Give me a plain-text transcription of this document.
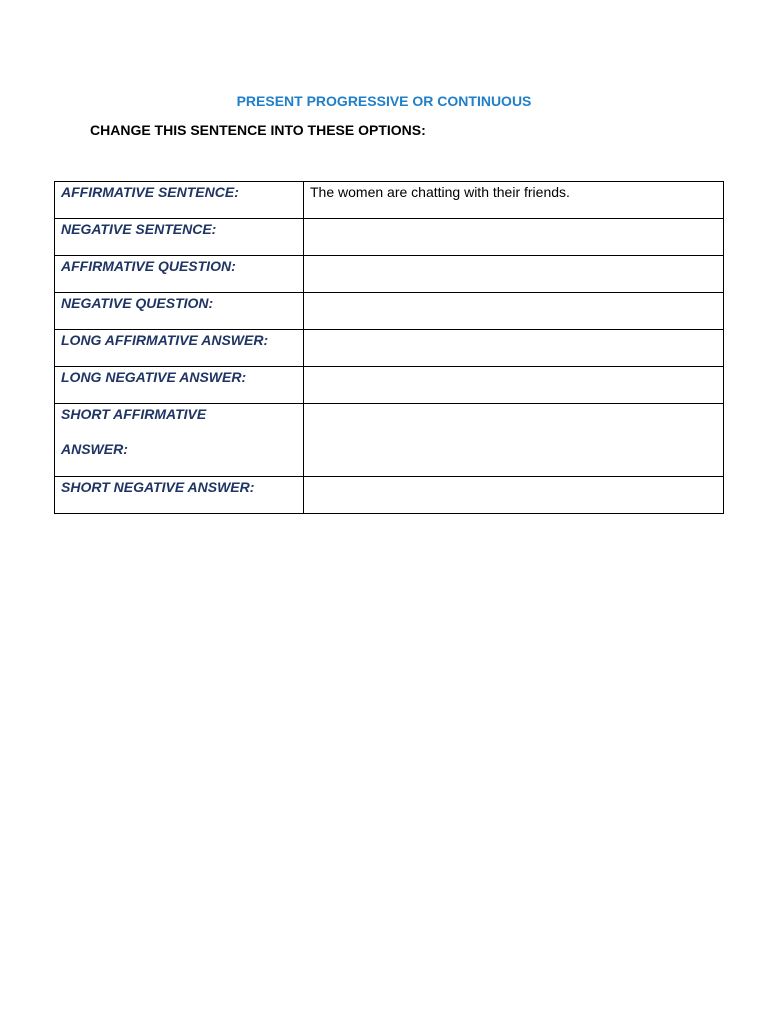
PRESENT PROGRESSIVE OR CONTINUOUS

CHANGE THIS SENTENCE INTO THESE OPTIONS:

AFFIRMATIVE SENTENCE:	The women are chatting with their friends.
NEGATIVE SENTENCE:	
AFFIRMATIVE QUESTION:	
NEGATIVE QUESTION:	
LONG AFFIRMATIVE ANSWER:	
LONG NEGATIVE ANSWER:	

SHORT AFFIRMATIVE
ANSWER:	

SHORT NEGATIVE ANSWER:	
